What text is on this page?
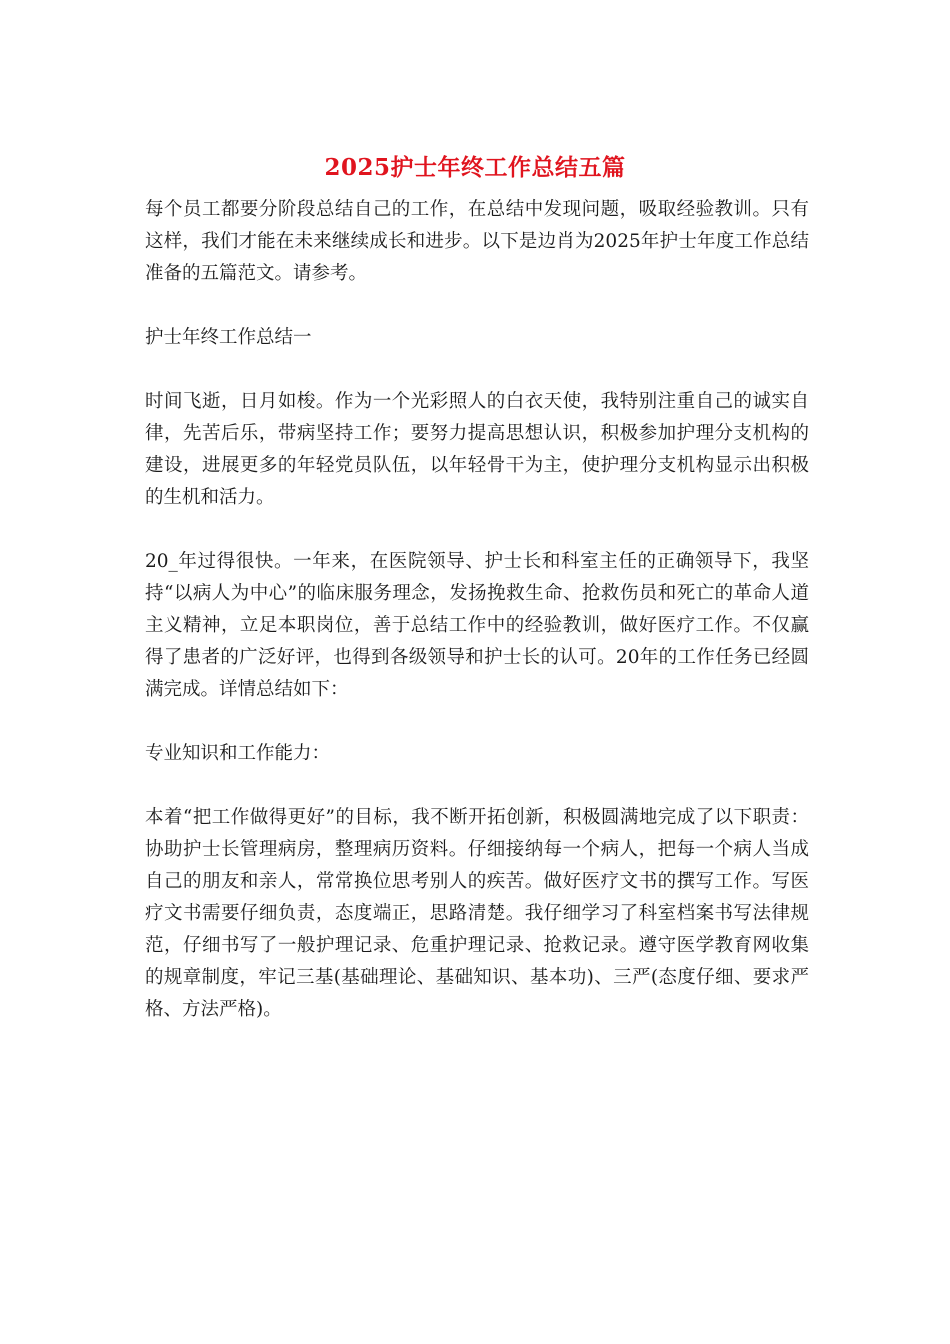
2025护士年终工作总结五篇

每个员工都要分阶段总结自己的工作，在总结中发现问题，吸取经验教训。只有这样，我们才能在未来继续成长和进步。以下是边肖为2025年护士年度工作总结准备的五篇范文。请参考。

护士年终工作总结一

时间飞逝，日月如梭。作为一个光彩照人的白衣天使，我特别注重自己的诚实自律，先苦后乐，带病坚持工作；要努力提高思想认识，积极参加护理分支机构的建设，进展更多的年轻党员队伍，以年轻骨干为主，使护理分支机构显示出积极的生机和活力。

20_年过得很快。一年来，在医院领导、护士长和科室主任的正确领导下，我坚持“以病人为中心”的临床服务理念，发扬挽救生命、抢救伤员和死亡的革命人道主义精神，立足本职岗位，善于总结工作中的经验教训，做好医疗工作。不仅赢得了患者的广泛好评，也得到各级领导和护士长的认可。20年的工作任务已经圆满完成。详情总结如下：

专业知识和工作能力：

本着“把工作做得更好”的目标，我不断开拓创新，积极圆满地完成了以下职责：协助护士长管理病房，整理病历资料。仔细接纳每一个病人，把每一个病人当成自己的朋友和亲人，常常换位思考别人的疾苦。做好医疗文书的撰写工作。写医疗文书需要仔细负责，态度端正，思路清楚。我仔细学习了科室档案书写法律规范，仔细书写了一般护理记录、危重护理记录、抢救记录。遵守医学教育网收集的规章制度，牢记三基(基础理论、基础知识、基本功)、三严(态度仔细、要求严格、方法严格)。
